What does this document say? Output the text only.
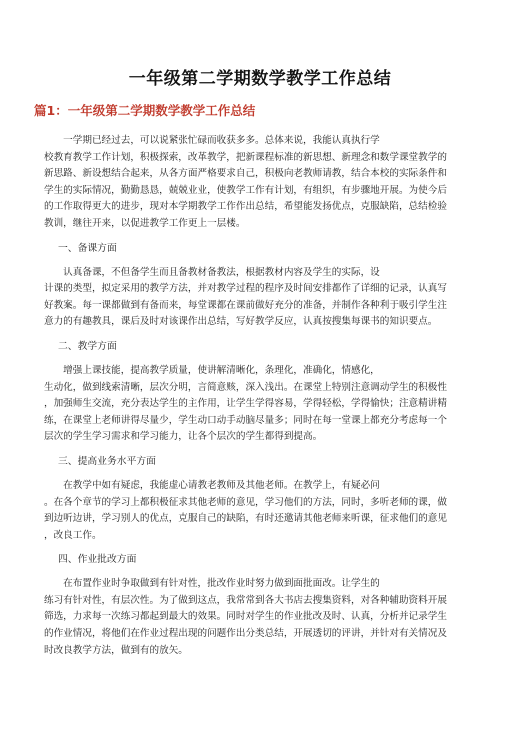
一年级第二学期数学教学工作总结
篇1：一年级第二学期数学教学工作总结
　　一学期已经过去，可以说紧张忙碌而收获多多。总体来说，我能认真执行学
校教育教学工作计划，积极探索，改革教学，把新课程标准的新思想、新理念和数学课堂教学的
新思路、新设想结合起来，从各方面严格要求自己，积极向老教师请教，结合本校的实际条件和
学生的实际情况，勤勤恳恳，兢兢业业，使教学工作有计划，有组织，有步骤地开展。为使今后
的工作取得更大的进步，现对本学期教学工作作出总结，希望能发扬优点，克服缺陷，总结检验
教训，继往开来，以促进教学工作更上一层楼。
一、备课方面
　　认真备课，不但备学生而且备教材备教法，根据教材内容及学生的实际，设
计课的类型，拟定采用的教学方法，并对教学过程的程序及时间安排都作了详细的记录，认真写
好教案。每一课都做到有备而来，每堂课都在课前做好充分的准备，并制作各种利于吸引学生注
意力的有趣教具，课后及时对该课作出总结，写好教学反应，认真按搜集每课书的知识要点。
二、教学方面
　　增强上课技能，提高教学质量，使讲解清晰化，条理化，准确化，情感化，
生动化，做到线索清晰，层次分明，言简意赅，深入浅出。在课堂上特别注意调动学生的积极性
，加强师生交流，充分表达学生的主作用，让学生学得容易，学得轻松，学得愉快；注意精讲精
练，在课堂上老师讲得尽量少，学生动口动手动脑尽量多；同时在每一堂课上都充分考虑每一个
层次的学生学习需求和学习能力，让各个层次的学生都得到提高。
三、提高业务水平方面
　　在教学中如有疑虑，我能虚心请教老教师及其他老师。在教学上，有疑必问
。在各个章节的学习上都积极征求其他老师的意见，学习他们的方法，同时，多听老师的课，做
到边听边讲，学习别人的优点，克服自己的缺陷，有时还邀请其他老师来听课，征求他们的意见
，改良工作。
四、作业批改方面
　　在布置作业时争取做到有针对性，批改作业时努力做到面批面改。让学生的
练习有针对性，有层次性。为了做到这点，我常常到各大书店去搜集资料，对各种辅助资料开展
筛选，力求每一次练习都起到最大的效果。同时对学生的作业批改及时、认真，分析并记录学生
的作业情况，将他们在作业过程出现的问题作出分类总结，开展透切的评讲，并针对有关情况及
时改良教学方法，做到有的放矢。
